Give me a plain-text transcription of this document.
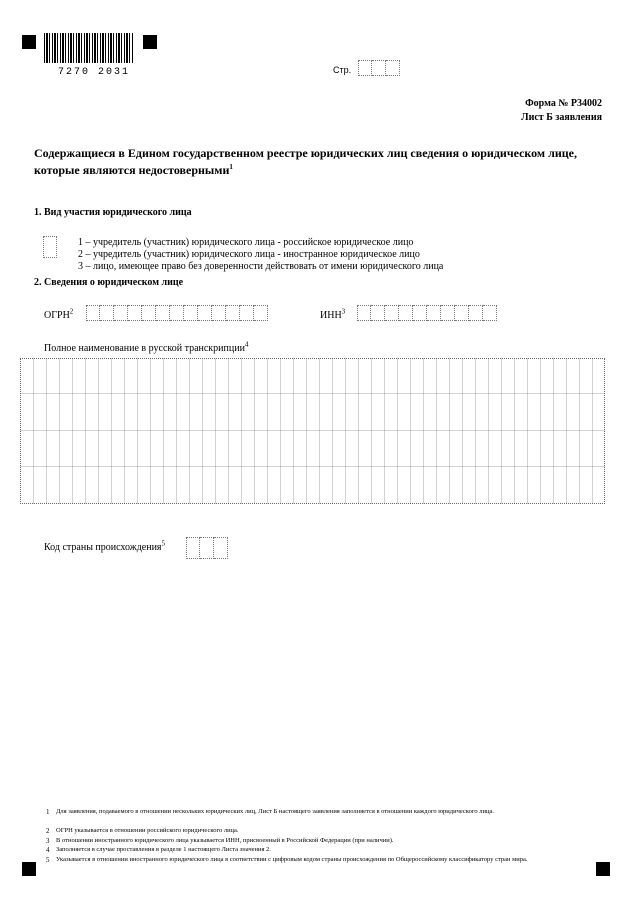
7270 2031	Стр.
Форма № Р34002
Лист Б заявления
Содержащиеся в Едином государственном реестре юридических лиц сведения о юридическом лице, которые являются недостоверными$^1$
1. Вид участия юридического лица
1 – учредитель (участник) юридического лица - российское юридическое лицо
2 – учредитель (участник) юридического лица - иностранное юридическое лицо
3 – лицо, имеющее право без доверенности действовать от имени юридического лица
2. Сведения о юридическом лице
ОГРН$^2$	ИНН$^3$
Полное наименование в русской транскрипции$^4$
Код страны происхождения$^5$
1 Для заявления, подаваемого в отношении нескольких юридических лиц, Лист Б настоящего заявления заполняется в отношении каждого юридического лица.
2 ОГРН указывается в отношении российского юридического лица.
3 В отношении иностранного юридического лица указывается ИНН, присвоенный в Российской Федерации (при наличии).
4 Заполняется в случае проставления в разделе 1 настоящего Листа значения 2.
5 Указывается в отношении иностранного юридического лица в соответствии с цифровым кодом страны происхождения по Общероссийскому классификатору стран мира.
